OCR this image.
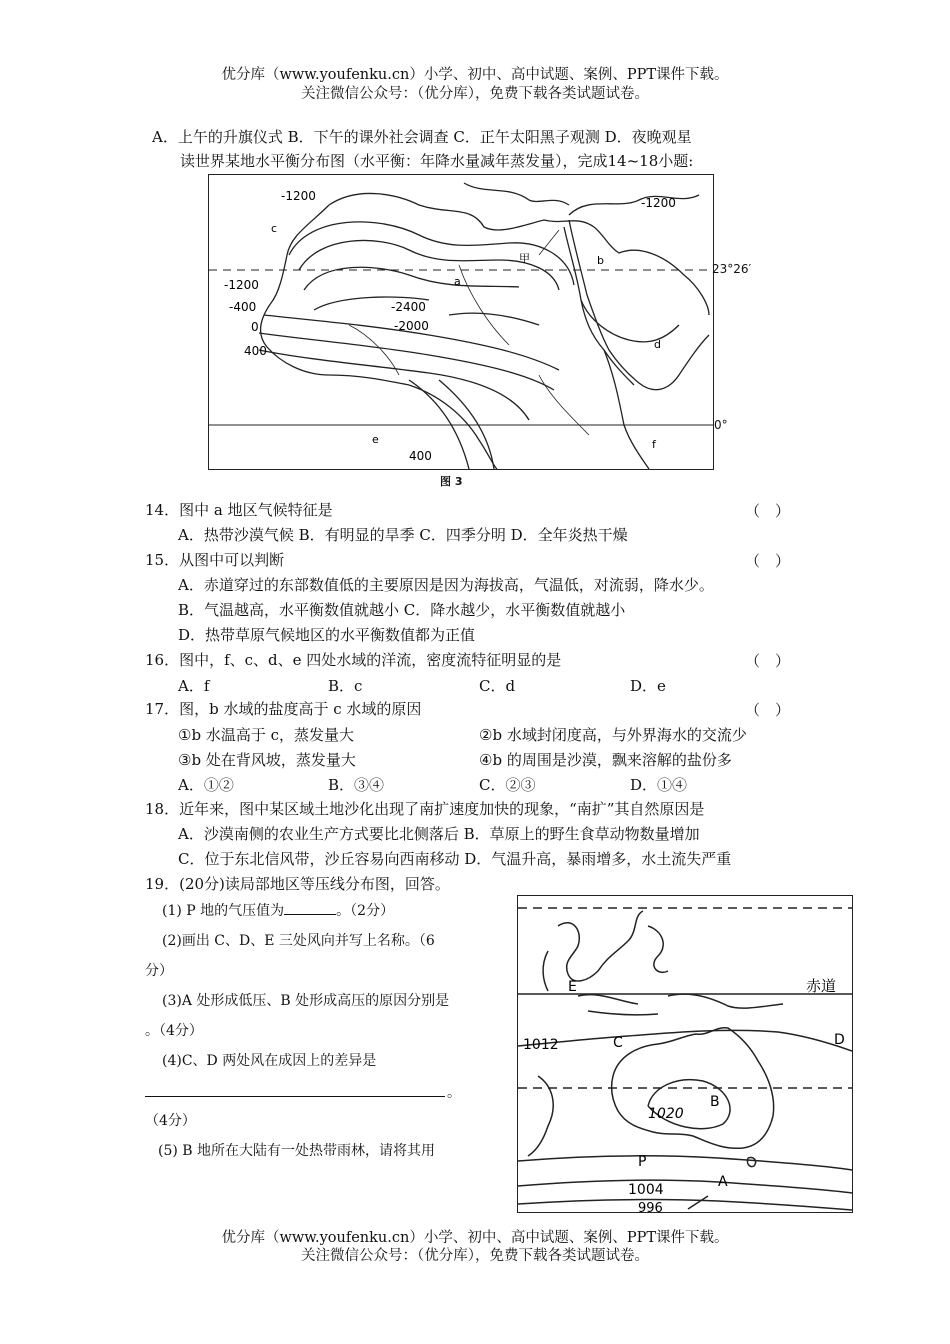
优分库（www.youfenku.cn）小学、初中、高中试题、案例、PPT课件下载。
关注微信公众号：（优分库），免费下载各类试题试卷。
A．上午的升旗仪式 B．下午的课外社会调查 C．正午太阳黑子观测 D．夜晚观星
读世界某地水平衡分布图（水平衡：年降水量减年蒸发量），完成14~18小题:
-1200	-1200
-1200
-400
0
400
-2400
-2000
400
a
b
c
d
e	f
甲
23°26′
0°
图 3
14．图中 a 地区气候特征是	（　）
A．热带沙漠气候 B．有明显的旱季 C．四季分明 D．全年炎热干燥
15．从图中可以判断	（　）
A．赤道穿过的东部数值低的主要原因是因为海拔高，气温低，对流弱，降水少。
B．气温越高，水平衡数值就越小 C．降水越少，水平衡数值就越小
D．热带草原气候地区的水平衡数值都为正值
16．图中，f、c、d、e 四处水域的洋流，密度流特征明显的是	（　）
A．f	B．c	C．d	D．e
17．图，b 水域的盐度高于 c 水域的原因	（　）
①b 水温高于 c，蒸发量大	②b 水域封闭度高，与外界海水的交流少
③b 处在背风坡，蒸发量大	④b 的周围是沙漠，飘来溶解的盐份多
A．①②	B．③④	C．②③	D．①④
18．近年来，图中某区域土地沙化出现了南扩速度加快的现象，“南扩”其自然原因是
A．沙漠南侧的农业生产方式要比北侧落后 B．草原上的野生食草动物数量增加
C．位于东北信风带，沙丘容易向西南移动 D．气温升高，暴雨增多，水土流失严重
19．(20分)读局部地区等压线分布图，回答。
(1) P 地的气压值为	。（2分）
(2)画出 C、D、E 三处风向并写上名称。（6
分）
(3)A 处形成低压、B 处形成高压的原因分别是
。（4分）
(4)C、D 两处风在成因上的差异是
。
（4分）
(5) B 地所在大陆有一处热带雨林，请将其用
E	赤道
1012	C	D
1020
B
P
A
1004
996
优分库（www.youfenku.cn）小学、初中、高中试题、案例、PPT课件下载。
关注微信公众号：（优分库），免费下载各类试题试卷。
